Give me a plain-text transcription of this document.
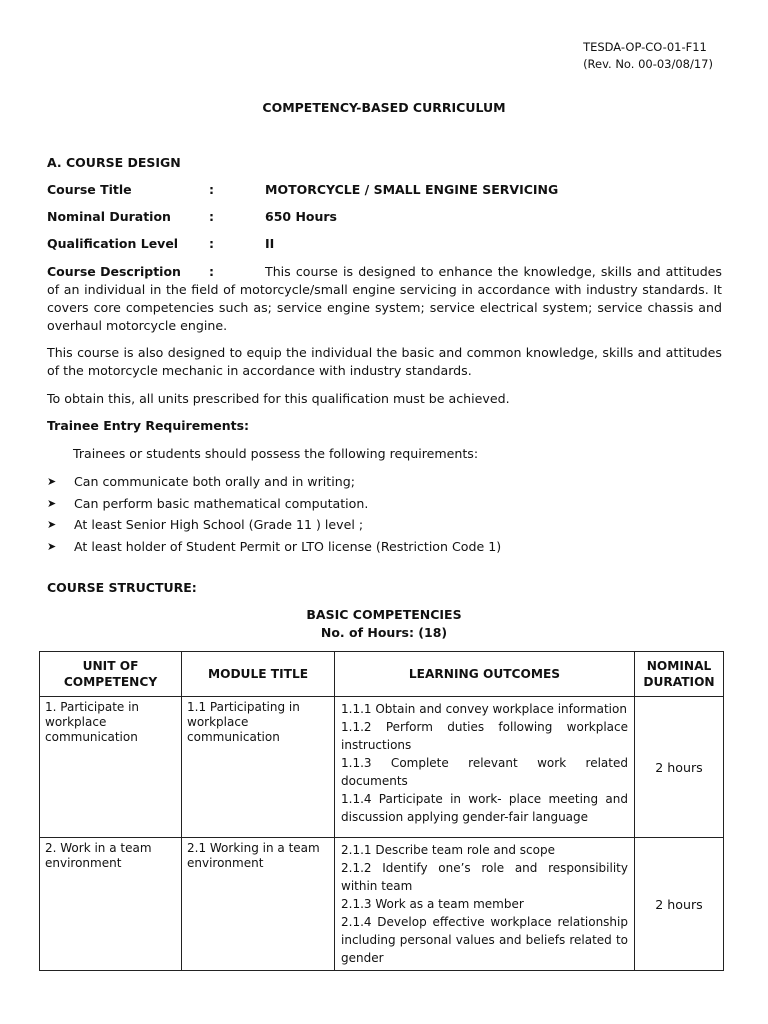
TESDA-OP-CO-01-F11
(Rev. No. 00-03/08/17)
COMPETENCY-BASED CURRICULUM
A. COURSE DESIGN
Course Title	:	MOTORCYCLE / SMALL ENGINE SERVICING
Nominal Duration	:	650 Hours
Qualification Level :	II
Course Description :	This course is designed to enhance the knowledge, skills and attitudes of an individual in the field of motorcycle/small engine servicing in accordance with industry standards. It covers core competencies such as; service engine system; service electrical system; service chassis and overhaul motorcycle engine.
This course is also designed to equip the individual the basic and common knowledge, skills and attitudes of the motorcycle mechanic in accordance with industry standards.
To obtain this, all units prescribed for this qualification must be achieved.
Trainee Entry Requirements:
Trainees or students should possess the following requirements:
➤ Can communicate both orally and in writing;
➤ Can perform basic mathematical computation.
➤ At least Senior High School (Grade 11 ) level ;
➤ At least holder of Student Permit or LTO license (Restriction Code 1)
COURSE STRUCTURE:
BASIC COMPETENCIES
No. of Hours: (18)
UNIT OF COMPETENCY	MODULE TITLE	LEARNING OUTCOMES	NOMINAL DURATION
1. Participate in workplace communication	1.1 Participating in workplace communication	1.1.1 Obtain and convey workplace information
1.1.2 Perform duties following workplace instructions
1.1.3 Complete relevant work related documents
1.1.4 Participate in work- place meeting and discussion applying gender-fair language	2 hours
2. Work in a team environment	2.1 Working in a team environment	2.1.1 Describe team role and scope
2.1.2 Identify one’s role and responsibility within team
2.1.3 Work as a team member
2.1.4 Develop effective workplace relationship including personal values and beliefs related to gender	2 hours
